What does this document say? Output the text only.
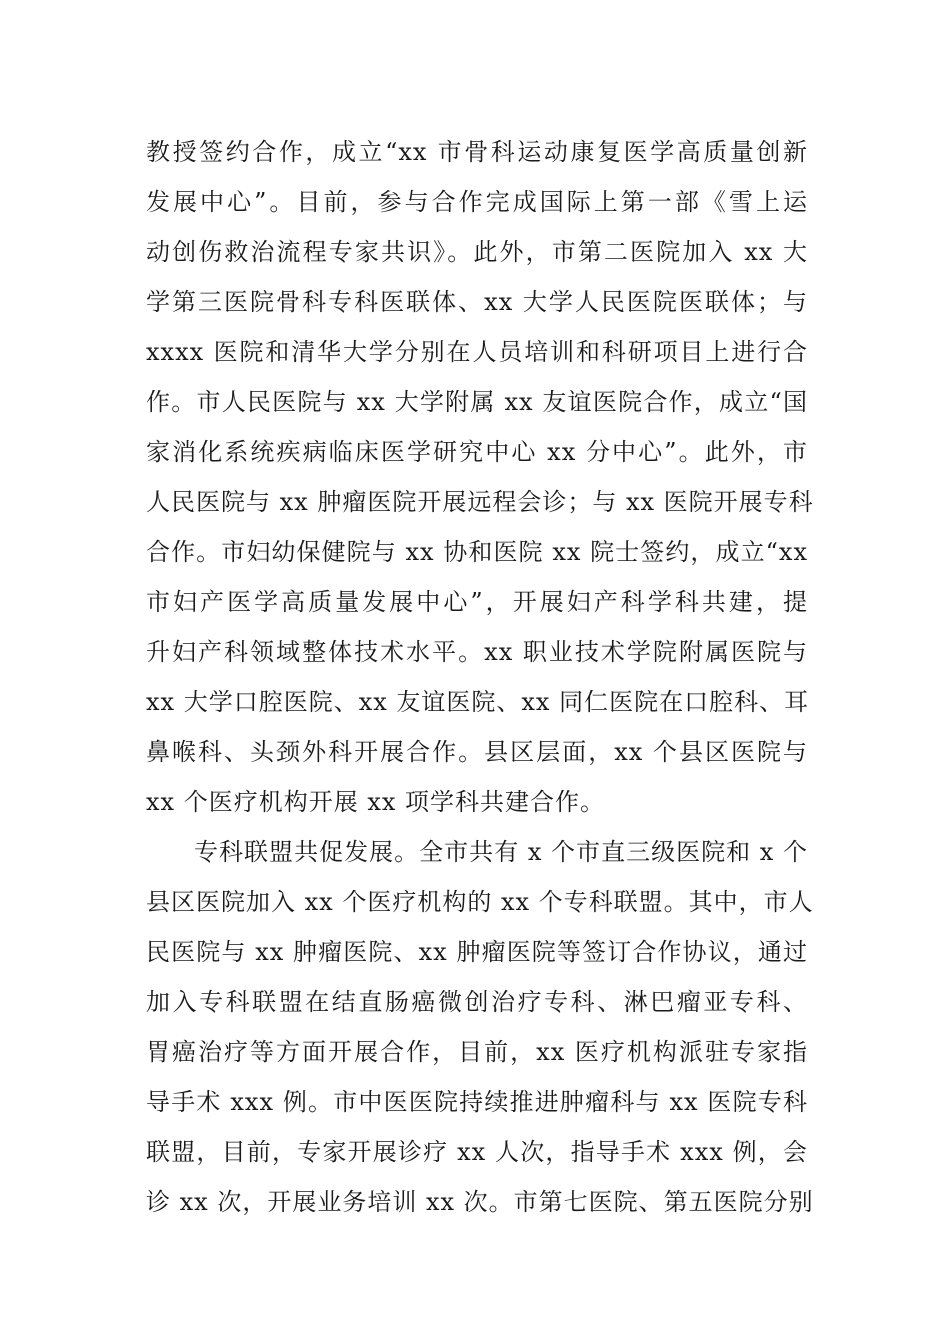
教授签约合作，成立“xx 市骨科运动康复医学高质量创新
发展中心”。目前，参与合作完成国际上第一部《雪上运
动创伤救治流程专家共识》。此外，市第二医院加入 xx 大
学第三医院骨科专科医联体、xx 大学人民医院医联体；与
xxxx 医院和清华大学分别在人员培训和科研项目上进行合
作。市人民医院与 xx 大学附属 xx 友谊医院合作，成立“国
家消化系统疾病临床医学研究中心 xx 分中心”。此外，市
人民医院与 xx 肿瘤医院开展远程会诊；与 xx 医院开展专科
合作。市妇幼保健院与 xx 协和医院 xx 院士签约，成立“xx
市妇产医学高质量发展中心”，开展妇产科学科共建，提
升妇产科领域整体技术水平。xx 职业技术学院附属医院与
xx 大学口腔医院、xx 友谊医院、xx 同仁医院在口腔科、耳
鼻喉科、头颈外科开展合作。县区层面，xx 个县区医院与
xx 个医疗机构开展 xx 项学科共建合作。
专科联盟共促发展。全市共有 x 个市直三级医院和 x 个
县区医院加入 xx 个医疗机构的 xx 个专科联盟。其中，市人
民医院与 xx 肿瘤医院、xx 肿瘤医院等签订合作协议，通过
加入专科联盟在结直肠癌微创治疗专科、淋巴瘤亚专科、
胃癌治疗等方面开展合作，目前，xx 医疗机构派驻专家指
导手术 xxx 例。市中医医院持续推进肿瘤科与 xx 医院专科
联盟，目前，专家开展诊疗 xx 人次，指导手术 xxx 例，会
诊 xx 次，开展业务培训 xx 次。市第七医院、第五医院分别
